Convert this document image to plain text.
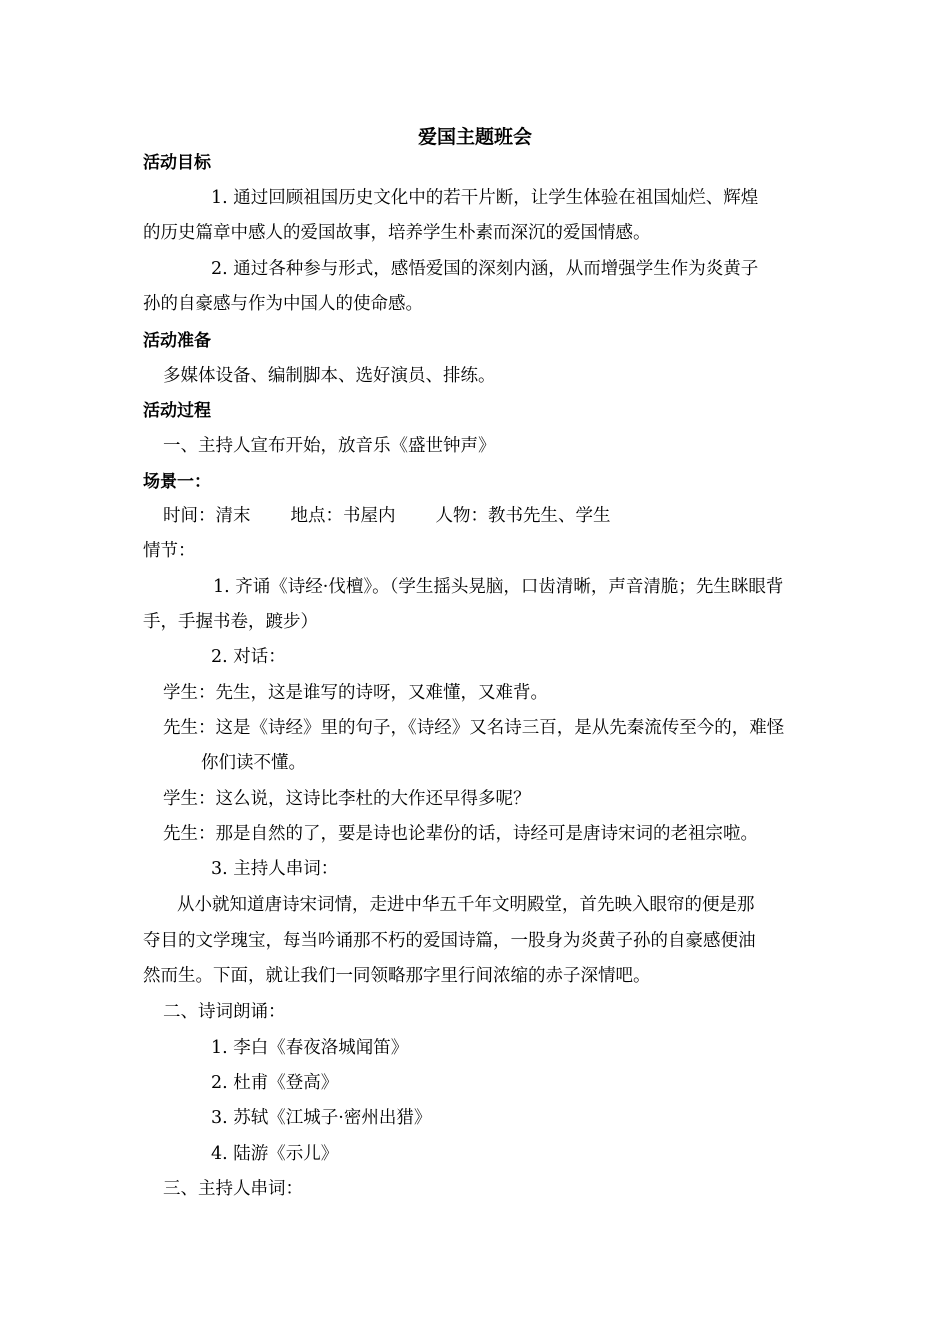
爱国主题班会
活动目标
1. 通过回顾祖国历史文化中的若干片断，让学生体验在祖国灿烂、辉煌
的历史篇章中感人的爱国故事，培养学生朴素而深沉的爱国情感。
2. 通过各种参与形式，感悟爱国的深刻内涵，从而增强学生作为炎黄子
孙的自豪感与作为中国人的使命感。
活动准备
多媒体设备、编制脚本、选好演员、排练。
活动过程
一、主持人宣布开始，放音乐《盛世钟声》
场景一：
时间：清末 地点：书屋内 人物：教书先生、学生
情节：
1. 齐诵《诗经·伐檀》。（学生摇头晃脑，口齿清晰，声音清脆；先生眯眼背
手，手握书卷，踱步）
2. 对话：
学生：先生，这是谁写的诗呀，又难懂，又难背。
先生：这是《诗经》里的句子，《诗经》又名诗三百，是从先秦流传至今的，难怪
你们读不懂。
学生：这么说，这诗比李杜的大作还早得多呢？
先生：那是自然的了，要是诗也论辈份的话，诗经可是唐诗宋词的老祖宗啦。
3. 主持人串词：
从小就知道唐诗宋词情，走进中华五千年文明殿堂，首先映入眼帘的便是那
夺目的文学瑰宝，每当吟诵那不朽的爱国诗篇，一股身为炎黄子孙的自豪感便油
然而生。下面，就让我们一同领略那字里行间浓缩的赤子深情吧。
二、诗词朗诵：
1. 李白《春夜洛城闻笛》
2. 杜甫《登高》
3. 苏轼《江城子·密州出猎》
4. 陆游《示儿》
三、主持人串词：
